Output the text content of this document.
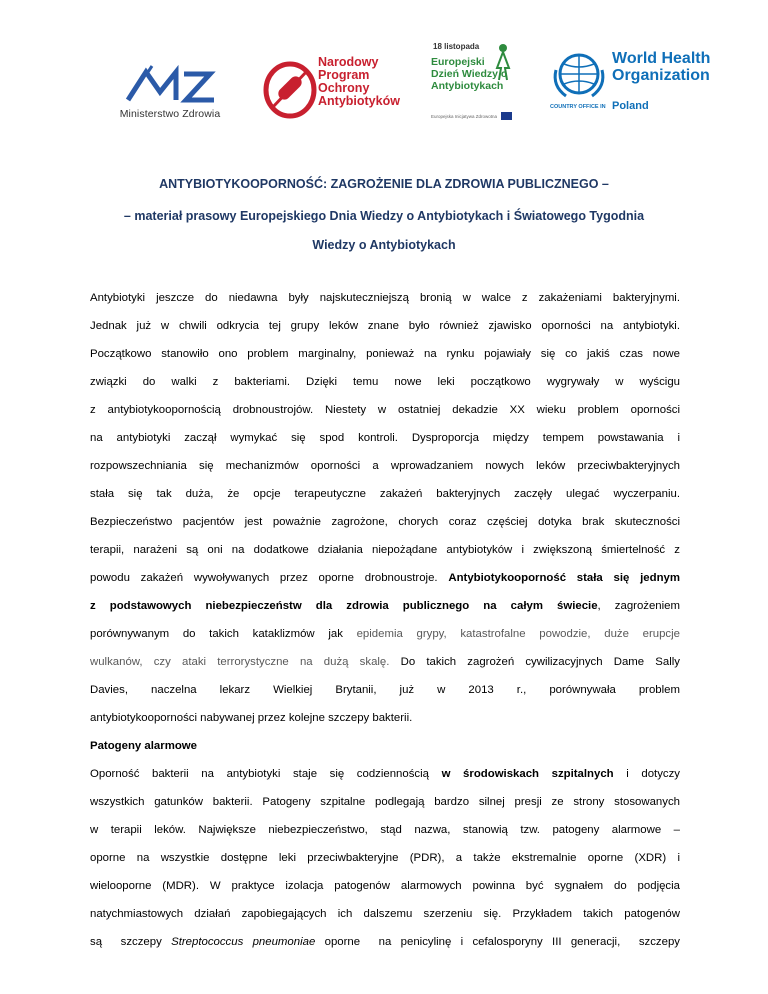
Ministerstwo Zdrowia
Narodowy
Program
Ochrony
Antybiotyków
18 listopada
Europejski
Dzień Wiedzy o
Antybiotykach
Europejska Inicjatywa Zdrowotna
World Health
Organization
COUNTRY OFFICE IN Poland
ANTYBIOTYKOOPORNOŚĆ: ZAGROŻENIE DLA ZDROWIA PUBLICZNEGO –
– materiał prasowy Europejskiego Dnia Wiedzy o Antybiotykach i Światowego Tygodnia
Wiedzy o Antybiotykach
Antybiotyki jeszcze do niedawna były najskuteczniejszą bronią w walce z zakażeniami bakteryjnymi.
Jednak już w chwili odkrycia tej grupy leków znane było również zjawisko oporności na antybiotyki.
Początkowo stanowiło ono problem marginalny, ponieważ na rynku pojawiały się co jakiś czas nowe
związki do walki z bakteriami. Dzięki temu nowe leki początkowo wygrywały w wyścigu
z antybiotykoopornością drobnoustrojów. Niestety w ostatniej dekadzie XX wieku problem oporności
na antybiotyki zaczął wymykać się spod kontroli. Dysproporcja między tempem powstawania i
rozpowszechniania się mechanizmów oporności a wprowadzaniem nowych leków przeciwbakteryjnych
stała się tak duża, że opcje terapeutyczne zakażeń bakteryjnych zaczęły ulegać wyczerpaniu.
Bezpieczeństwo pacjentów jest poważnie zagrożone, chorych coraz częściej dotyka brak skuteczności
terapii, narażeni są oni na dodatkowe działania niepożądane antybiotyków i zwiększoną śmiertelność z
powodu zakażeń wywoływanych przez oporne drobnoustroje. Antybiotykooporność stała się jednym
z podstawowych niebezpieczeństw dla zdrowia publicznego na całym świecie, zagrożeniem
porównywanym do takich kataklizmów jak epidemia grypy, katastrofalne powodzie, duże erupcje
wulkanów, czy ataki terrorystyczne na dużą skalę. Do takich zagrożeń cywilizacyjnych Dame Sally
Davies, naczelna lekarz Wielkiej Brytanii, już w 2013 r., porównywała problem
antybiotykooporności nabywanej przez kolejne szczepy bakterii.
Patogeny alarmowe
Oporność bakterii na antybiotyki staje się codziennością w środowiskach szpitalnych i dotyczy
wszystkich gatunków bakterii. Patogeny szpitalne podlegają bardzo silnej presji ze strony stosowanych
w terapii leków. Największe niebezpieczeństwo, stąd nazwa, stanowią tzw. patogeny alarmowe –
oporne na wszystkie dostępne leki przeciwbakteryjne (PDR), a także ekstremalnie oporne (XDR) i
wielooporne (MDR). W praktyce izolacja patogenów alarmowych powinna być sygnałem do podjęcia
natychmiastowych działań zapobiegających ich dalszemu szerzeniu się. Przykładem takich patogenów
są  szczepy Streptococcus pneumoniae oporne  na penicylinę i cefalosporyny III generacji,  szczepy
